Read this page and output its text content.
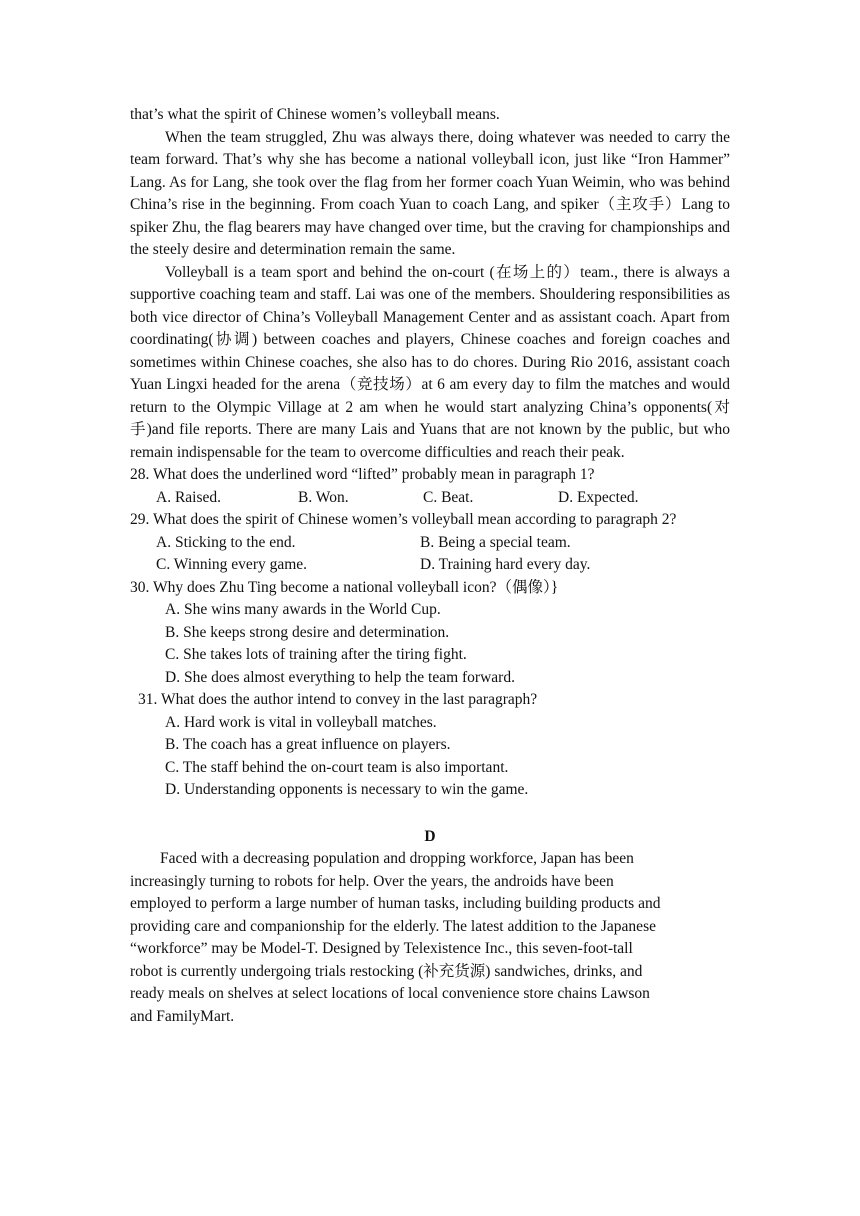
that’s what the spirit of Chinese women’s volleyball means.

When the team struggled, Zhu was always there, doing whatever was needed to carry the team forward. That’s why she has become a national volleyball icon, just like “Iron Hammer” Lang. As for Lang, she took over the flag from her former coach Yuan Weimin, who was behind China’s rise in the beginning. From coach Yuan to coach Lang, and spiker（主攻手）Lang to spiker Zhu, the flag bearers may have changed over time, but the craving for championships and the steely desire and determination remain the same.

Volleyball is a team sport and behind the on-court (在场上的）team., there is always a supportive coaching team and staff. Lai was one of the members. Shouldering responsibilities as both vice director of China’s Volleyball Management Center and as assistant coach. Apart from coordinating(协调) between coaches and players, Chinese coaches and foreign coaches and sometimes within Chinese coaches, she also has to do chores. During Rio 2016, assistant coach Yuan Lingxi headed for the arena（竞技场）at 6 am every day to film the matches and would return to the Olympic Village at 2 am when he would start analyzing China’s opponents(对手)and file reports. There are many Lais and Yuans that are not known by the public, but who remain indispensable for the team to overcome difficulties and reach their peak.

28. What does the underlined word “lifted” probably mean in paragraph 1?

A. Raised.	B. Won.	C. Beat.	D. Expected.

29. What does the spirit of Chinese women’s volleyball mean according to paragraph 2?

A. Sticking to the end.	B. Being a special team.
C. Winning every game.	D. Training hard every day.

30. Why does Zhu Ting become a national volleyball icon?（偶像）}

A. She wins many awards in the World Cup.

B. She keeps strong desire and determination.

C. She takes lots of training after the tiring fight.

D. She does almost everything to help the team forward.

31. What does the author intend to convey in the last paragraph?

A. Hard work is vital in volleyball matches.

B. The coach has a great influence on players.

C. The staff behind the on-court team is also important.

D. Understanding opponents is necessary to win the game.

D

Faced with a decreasing population and dropping workforce, Japan has been

increasingly turning to robots for help. Over the years, the androids have been

employed to perform a large number of human tasks, including building products and

providing care and companionship for the elderly. The latest addition to the Japanese

“workforce” may be Model-T. Designed by Telexistence Inc., this seven-foot-tall

robot is currently undergoing trials restocking (补充货源) sandwiches, drinks, and

ready meals on shelves at select locations of local convenience store chains Lawson

and FamilyMart.
